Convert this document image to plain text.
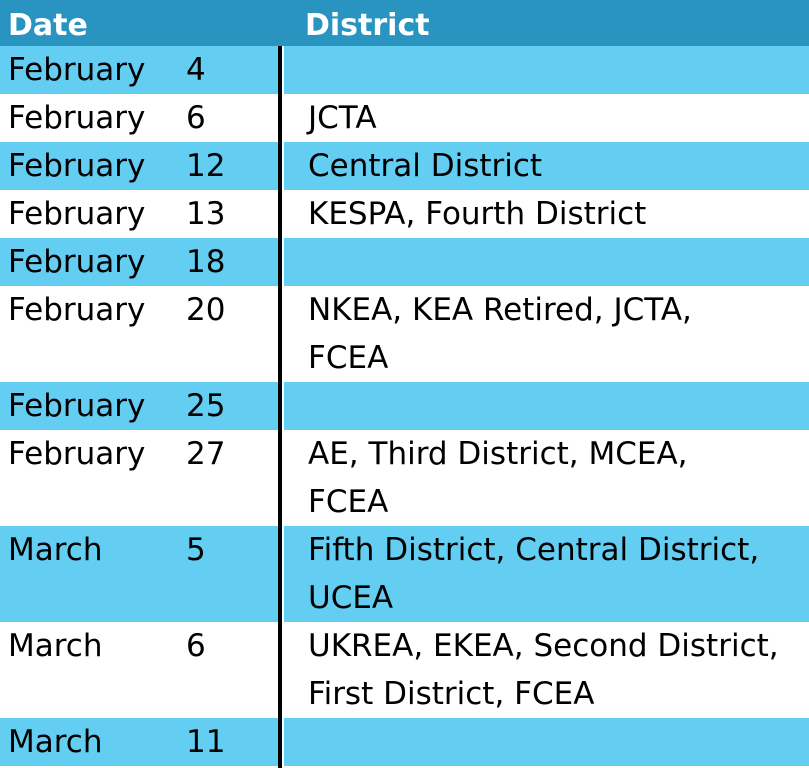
Date	District
February 4
February 6	JCTA
February 12	Central District
February 13	KESPA, Fourth District
February 18
February 20	NKEA, KEA Retired, JCTA,
FCEA
February 25
February 27	AE, Third District, MCEA,
FCEA
March	5	Fifth District, Central District,
UCEA
March	6	UKREA, EKEA, Second District,
First District, FCEA
March	11
